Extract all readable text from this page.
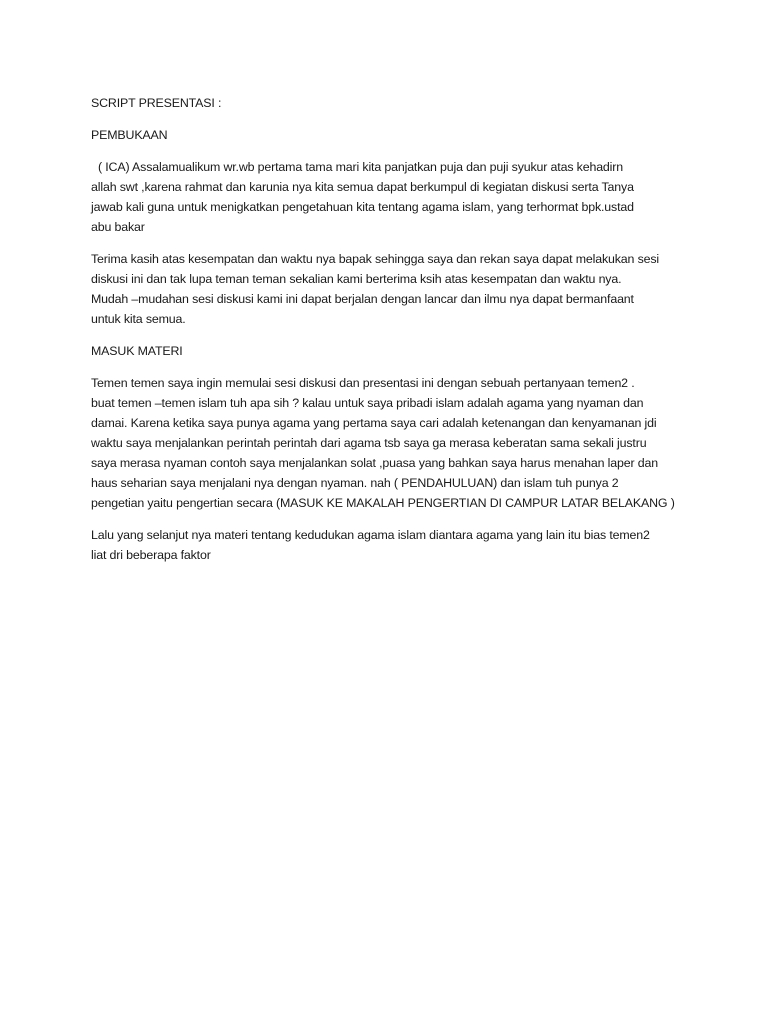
SCRIPT PRESENTASI :

PEMBUKAAN

( ICA) Assalamualikum wr.wb pertama tama mari kita panjatkan puja dan puji syukur atas kehadirn
allah swt ,karena rahmat dan karunia nya kita semua dapat berkumpul di kegiatan diskusi serta Tanya
jawab kali guna untuk menigkatkan pengetahuan kita tentang agama islam, yang terhormat bpk.ustad
abu bakar

Terima kasih atas kesempatan dan waktu nya bapak sehingga saya dan rekan saya dapat melakukan sesi
diskusi ini dan tak lupa teman teman sekalian kami berterima ksih atas kesempatan dan waktu nya.
Mudah –mudahan sesi diskusi kami ini dapat berjalan dengan lancar dan ilmu nya dapat bermanfaant
untuk kita semua.

MASUK MATERI

Temen temen saya ingin memulai sesi diskusi dan presentasi ini dengan sebuah pertanyaan temen2 .
buat temen –temen islam tuh apa sih ? kalau untuk saya pribadi islam adalah agama yang nyaman dan
damai. Karena ketika saya punya agama yang pertama saya cari adalah ketenangan dan kenyamanan jdi
waktu saya menjalankan perintah perintah dari agama tsb saya ga merasa keberatan sama sekali justru
saya merasa nyaman contoh saya menjalankan solat ,puasa yang bahkan saya harus menahan laper dan
haus seharian saya menjalani nya dengan nyaman. nah ( PENDAHULUAN) dan islam tuh punya 2
pengetian yaitu pengertian secara (MASUK KE MAKALAH PENGERTIAN DI CAMPUR LATAR BELAKANG )

Lalu yang selanjut nya materi tentang kedudukan agama islam diantara agama yang lain itu bias temen2
liat dri beberapa faktor
